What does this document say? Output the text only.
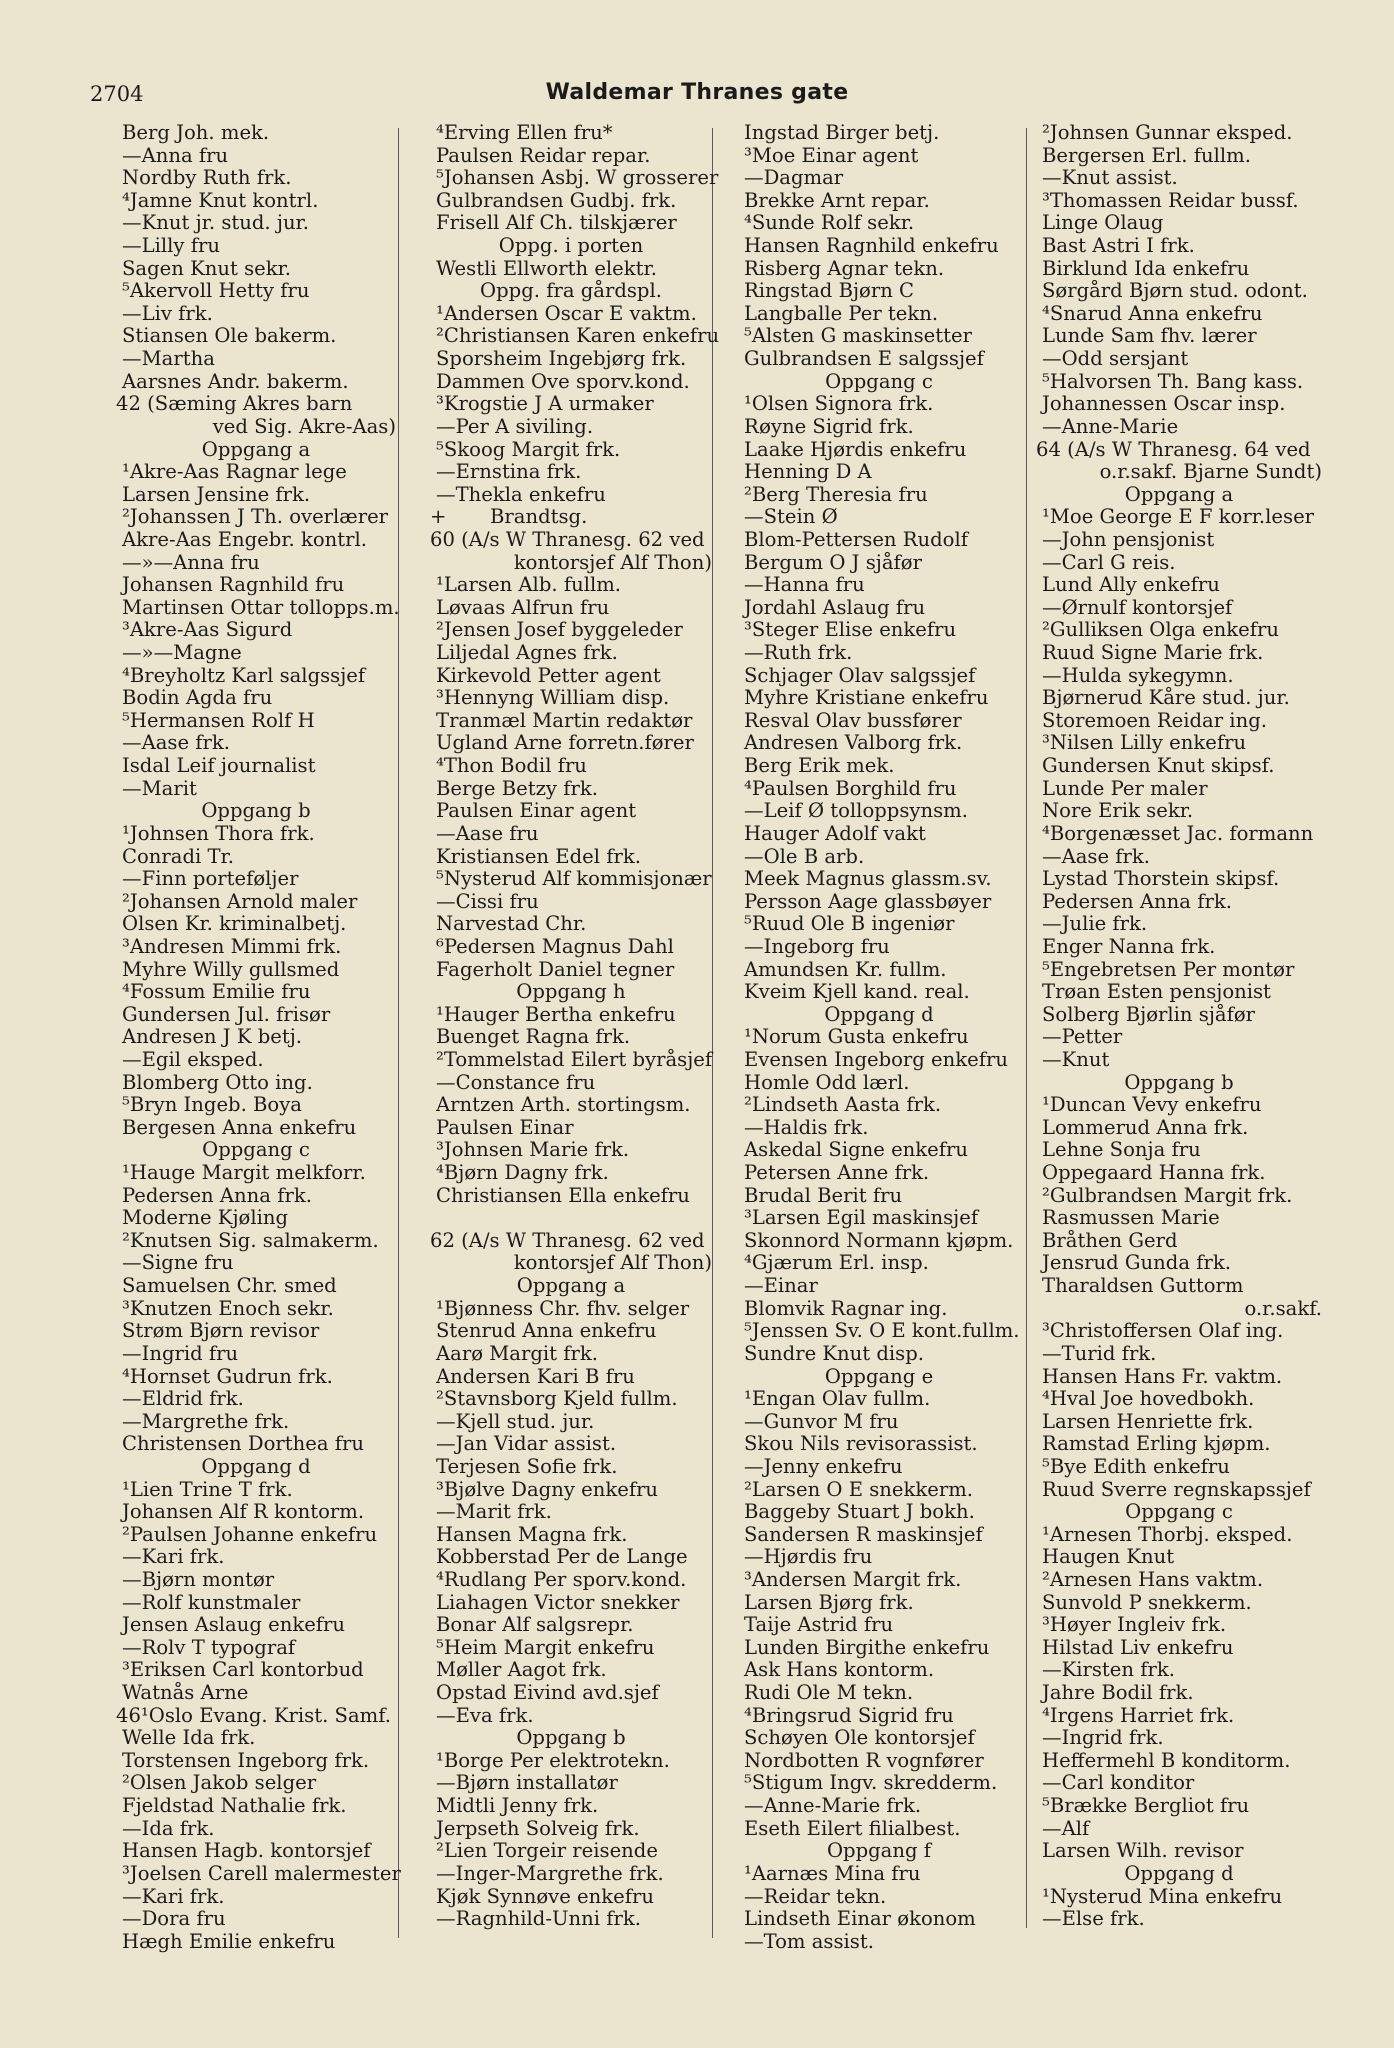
2704	Waldemar Thranes gate
Berg Joh. mek.
—Anna fru
Nordby Ruth frk.
⁴Jamne Knut kontrl.
—Knut jr. stud. jur.
—Lilly fru
Sagen Knut sekr.
⁵Akervoll Hetty fru
—Liv frk.
Stiansen Ole bakerm.
—Martha
Aarsnes Andr. bakerm.
42 (Sæming Akres barn
ved Sig. Akre-Aas)
Oppgang a
¹Akre-Aas Ragnar lege
Larsen Jensine frk.
²Johanssen J Th. overlærer
Akre-Aas Engebr. kontrl.
—»—Anna fru
Johansen Ragnhild fru
Martinsen Ottar tollopps.m.
³Akre-Aas Sigurd
—»—Magne
⁴Breyholtz Karl salgssjef
Bodin Agda fru
⁵Hermansen Rolf H
—Aase frk.
Isdal Leif journalist
—Marit
Oppgang b
¹Johnsen Thora frk.
Conradi Tr.
—Finn porteføljer
²Johansen Arnold maler
Olsen Kr. kriminalbetj.
³Andresen Mimmi frk.
Myhre Willy gullsmed
⁴Fossum Emilie fru
Gundersen Jul. frisør
Andresen J K betj.
—Egil eksped.
Blomberg Otto ing.
⁵Bryn Ingeb. Boya
Bergesen Anna enkefru
Oppgang c
¹Hauge Margit melkforr.
Pedersen Anna frk.
Moderne Kjøling
²Knutsen Sig. salmakerm.
—Signe fru
Samuelsen Chr. smed
³Knutzen Enoch sekr.
Strøm Bjørn revisor
—Ingrid fru
⁴Hornset Gudrun frk.
—Eldrid frk.
—Margrethe frk.
Christensen Dorthea fru
Oppgang d
¹Lien Trine T frk.
Johansen Alf R kontorm.
²Paulsen Johanne enkefru
—Kari frk.
—Bjørn montør
—Rolf kunstmaler
Jensen Aslaug enkefru
—Rolv T typograf
³Eriksen Carl kontorbud
Watnås Arne
46¹Oslo Evang. Krist. Samf.
Welle Ida frk.
Torstensen Ingeborg frk.
²Olsen Jakob selger
Fjeldstad Nathalie frk.
—Ida frk.
Hansen Hagb. kontorsjef
³Joelsen Carell malermester
—Kari frk.
—Dora fru
Hægh Emilie enkefru
⁴Erving Ellen fru*
Paulsen Reidar repar.
⁵Johansen Asbj. W grosserer
Gulbrandsen Gudbj. frk.
Frisell Alf Ch. tilskjærer
Oppg. i porten
Westli Ellworth elektr.
Oppg. fra gårdspl.
¹Andersen Oscar E vaktm.
²Christiansen Karen enkefru
Sporsheim Ingebjørg frk.
Dammen Ove sporv.kond.
³Krogstie J A urmaker
—Per A siviling.
⁵Skoog Margit frk.
—Ernstina frk.
—Thekla enkefru
+       Brandtsg.
60 (A/s W Thranesg. 62 ved
kontorsjef Alf Thon)
¹Larsen Alb. fullm.
Løvaas Alfrun fru
²Jensen Josef byggeleder
Liljedal Agnes frk.
Kirkevold Petter agent
³Hennyng William disp.
Tranmæl Martin redaktør
Ugland Arne forretn.fører
⁴Thon Bodil fru
Berge Betzy frk.
Paulsen Einar agent
—Aase fru
Kristiansen Edel frk.
⁵Nysterud Alf kommisjonær
—Cissi fru
Narvestad Chr.
⁶Pedersen Magnus Dahl
Fagerholt Daniel tegner
Oppgang h
¹Hauger Bertha enkefru
Buenget Ragna frk.
²Tommelstad Eilert byråsjef
—Constance fru
Arntzen Arth. stortingsm.
Paulsen Einar
³Johnsen Marie frk.
⁴Bjørn Dagny frk.
Christiansen Ella enkefru
62 (A/s W Thranesg. 62 ved
kontorsjef Alf Thon)
Oppgang a
¹Bjønness Chr. fhv. selger
Stenrud Anna enkefru
Aarø Margit frk.
Andersen Kari B fru
²Stavnsborg Kjeld fullm.
—Kjell stud. jur.
—Jan Vidar assist.
Terjesen Sofie frk.
³Bjølve Dagny enkefru
—Marit frk.
Hansen Magna frk.
Kobberstad Per de Lange
⁴Rudlang Per sporv.kond.
Liahagen Victor snekker
Bonar Alf salgsrepr.
⁵Heim Margit enkefru
Møller Aagot frk.
Opstad Eivind avd.sjef
—Eva frk.
Oppgang b
¹Borge Per elektrotekn.
—Bjørn installatør
Midtli Jenny frk.
Jerpseth Solveig frk.
²Lien Torgeir reisende
—Inger-Margrethe frk.
Kjøk Synnøve enkefru
—Ragnhild-Unni frk.
Ingstad Birger betj.
³Moe Einar agent
—Dagmar
Brekke Arnt repar.
⁴Sunde Rolf sekr.
Hansen Ragnhild enkefru
Risberg Agnar tekn.
Ringstad Bjørn C
Langballe Per tekn.
⁵Alsten G maskinsetter
Gulbrandsen E salgssjef
Oppgang c
¹Olsen Signora frk.
Røyne Sigrid frk.
Laake Hjørdis enkefru
Henning D A
²Berg Theresia fru
—Stein Ø
Blom-Pettersen Rudolf
Bergum O J sjåfør
—Hanna fru
Jordahl Aslaug fru
³Steger Elise enkefru
—Ruth frk.
Schjager Olav salgssjef
Myhre Kristiane enkefru
Resval Olav bussfører
Andresen Valborg frk.
Berg Erik mek.
⁴Paulsen Borghild fru
—Leif Ø tolloppsynsm.
Hauger Adolf vakt
—Ole B arb.
Meek Magnus glassm.sv.
Persson Aage glassbøyer
⁵Ruud Ole B ingeniør
—Ingeborg fru
Amundsen Kr. fullm.
Kveim Kjell kand. real.
Oppgang d
¹Norum Gusta enkefru
Evensen Ingeborg enkefru
Homle Odd lærl.
²Lindseth Aasta frk.
—Haldis frk.
Askedal Signe enkefru
Petersen Anne frk.
Brudal Berit fru
³Larsen Egil maskinsjef
Skonnord Normann kjøpm.
⁴Gjærum Erl. insp.
—Einar
Blomvik Ragnar ing.
⁵Jenssen Sv. O E kont.fullm.
Sundre Knut disp.
Oppgang e
¹Engan Olav fullm.
—Gunvor M fru
Skou Nils revisorassist.
—Jenny enkefru
²Larsen O E snekkerm.
Baggeby Stuart J bokh.
Sandersen R maskinsjef
—Hjørdis fru
³Andersen Margit frk.
Larsen Bjørg frk.
Taije Astrid fru
Lunden Birgithe enkefru
Ask Hans kontorm.
Rudi Ole M tekn.
⁴Bringsrud Sigrid fru
Schøyen Ole kontorsjef
Nordbotten R vognfører
⁵Stigum Ingv. skredderm.
—Anne-Marie frk.
Eseth Eilert filialbest.
Oppgang f
¹Aarnæs Mina fru
—Reidar tekn.
Lindseth Einar økonom
—Tom assist.
²Johnsen Gunnar eksped.
Bergersen Erl. fullm.
—Knut assist.
³Thomassen Reidar bussf.
Linge Olaug
Bast Astri I frk.
Birklund Ida enkefru
Sørgård Bjørn stud. odont.
⁴Snarud Anna enkefru
Lunde Sam fhv. lærer
—Odd sersjant
⁵Halvorsen Th. Bang kass.
Johannessen Oscar insp.
—Anne-Marie
64 (A/s W Thranesg. 64 ved
o.r.sakf. Bjarne Sundt)
Oppgang a
¹Moe George E F korr.leser
—John pensjonist
—Carl G reis.
Lund Ally enkefru
—Ørnulf kontorsjef
²Gulliksen Olga enkefru
Ruud Signe Marie frk.
—Hulda sykegymn.
Bjørnerud Kåre stud. jur.
Storemoen Reidar ing.
³Nilsen Lilly enkefru
Gundersen Knut skipsf.
Lunde Per maler
Nore Erik sekr.
⁴Borgenæsset Jac. formann
—Aase frk.
Lystad Thorstein skipsf.
Pedersen Anna frk.
—Julie frk.
Enger Nanna frk.
⁵Engebretsen Per montør
Trøan Esten pensjonist
Solberg Bjørlin sjåfør
—Petter
—Knut
Oppgang b
¹Duncan Vevy enkefru
Lommerud Anna frk.
Lehne Sonja fru
Oppegaard Hanna frk.
²Gulbrandsen Margit frk.
Rasmussen Marie
Bråthen Gerd
Jensrud Gunda frk.
Tharaldsen Guttorm
o.r.sakf.
³Christoffersen Olaf ing.
—Turid frk.
Hansen Hans Fr. vaktm.
⁴Hval Joe hovedbokh.
Larsen Henriette frk.
Ramstad Erling kjøpm.
⁵Bye Edith enkefru
Ruud Sverre regnskapssjef
Oppgang c
¹Arnesen Thorbj. eksped.
Haugen Knut
²Arnesen Hans vaktm.
Sunvold P snekkerm.
³Høyer Ingleiv frk.
Hilstad Liv enkefru
—Kirsten frk.
Jahre Bodil frk.
⁴Irgens Harriet frk.
—Ingrid frk.
Heffermehl B konditorm.
—Carl konditor
⁵Brække Bergliot fru
—Alf
Larsen Wilh. revisor
Oppgang d
¹Nysterud Mina enkefru
—Else frk.
